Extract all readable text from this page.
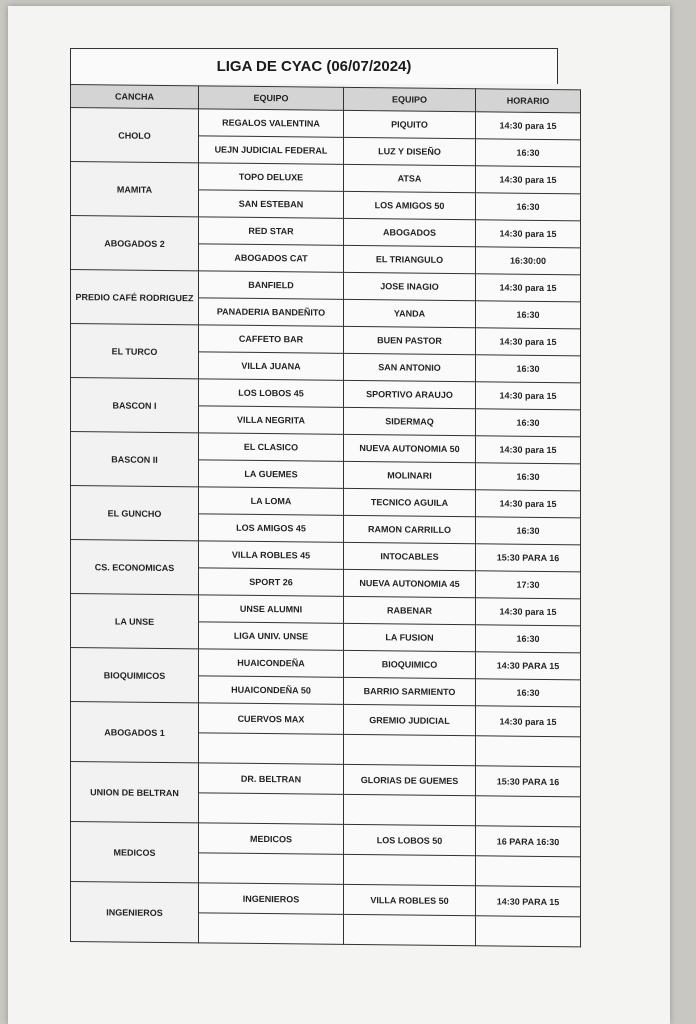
LIGA DE CYAC (06/07/2024)
CANCHA	EQUIPO	EQUIPO	HORARIO
CHOLO	REGALOS VALENTINA	PIQUITO	14:30 para 15
	UEJN JUDICIAL FEDERAL	LUZ Y DISEÑO	16:30
MAMITA	TOPO DELUXE	ATSA	14:30 para 15
	SAN ESTEBAN	LOS AMIGOS 50	16:30
ABOGADOS 2	RED STAR	ABOGADOS	14:30 para 15
	ABOGADOS CAT	EL TRIANGULO	16:30:00
PREDIO CAFÉ RODRIGUEZ	BANFIELD	JOSE INAGIO	14:30 para 15
	PANADERIA BANDEÑITO	YANDA	16:30
EL TURCO	CAFFETO BAR	BUEN PASTOR	14:30 para 15
	VILLA JUANA	SAN ANTONIO	16:30
BASCON I	LOS LOBOS 45	SPORTIVO ARAUJO	14:30 para 15
	VILLA NEGRITA	SIDERMAQ	16:30
BASCON II	EL CLASICO	NUEVA AUTONOMIA 50	14:30 para 15
	LA GUEMES	MOLINARI	16:30
EL GUNCHO	LA LOMA	TECNICO AGUILA	14:30 para 15
	LOS AMIGOS 45	RAMON CARRILLO	16:30
CS. ECONOMICAS	VILLA ROBLES 45	INTOCABLES	15:30 PARA 16
	SPORT 26	NUEVA AUTONOMIA 45	17:30
LA UNSE	UNSE ALUMNI	RABENAR	14:30 para 15
	LIGA UNIV. UNSE	LA FUSION	16:30
BIOQUIMICOS	HUAICONDEÑA	BIOQUIMICO	14:30 PARA 15
	HUAICONDEÑA 50	BARRIO SARMIENTO	16:30
ABOGADOS 1	CUERVOS MAX	GREMIO JUDICIAL	14:30 para 15

UNION DE BELTRAN	DR. BELTRAN	GLORIAS DE GUEMES	15:30 PARA 16

MEDICOS	MEDICOS	LOS LOBOS 50	16 PARA 16:30

INGENIEROS	INGENIEROS	VILLA ROBLES 50	14:30 PARA 15
